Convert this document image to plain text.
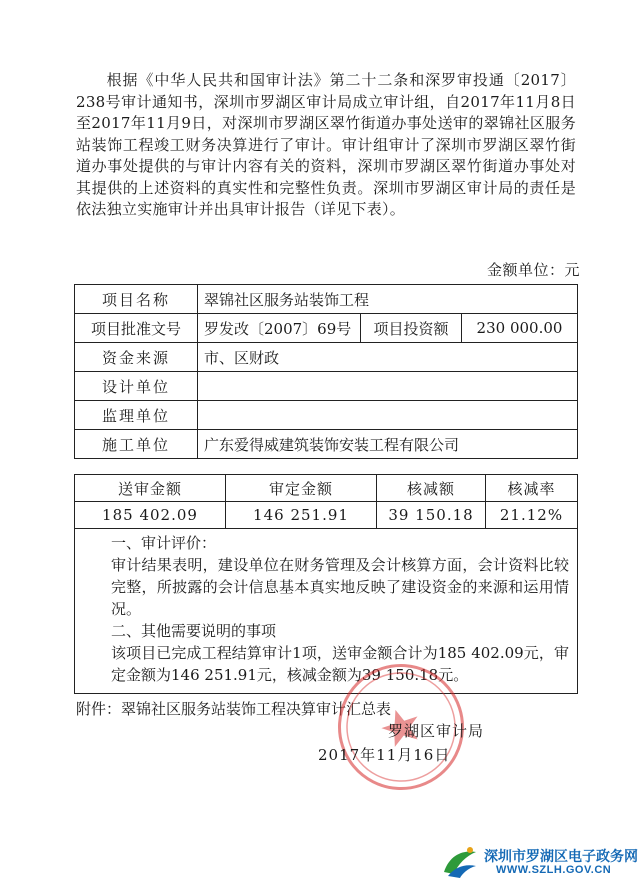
根据《中华人民共和国审计法》第二十二条和深罗审投通〔2017〕238号审计通知书，深圳市罗湖区审计局成立审计组，自2017年11月8日至2017年11月9日，对深圳市罗湖区翠竹街道办事处送审的翠锦社区服务站装饰工程竣工财务决算进行了审计。审计组审计了深圳市罗湖区翠竹街道办事处提供的与审计内容有关的资料，深圳市罗湖区翠竹街道办事处对其提供的上述资料的真实性和完整性负责。深圳市罗湖区审计局的责任是依法独立实施审计并出具审计报告（详见下表）。
金额单位：元
项目名称	翠锦社区服务站装饰工程		
项目批准文号	罗发改〔2007〕69号	项目投资额	230 000.00
资金来源	市、区财政		
设计单位			
监理单位			
施工单位	广东爱得威建筑装饰安装工程有限公司		
送审金额	审定金额	核减额	核减率
185 402.09	146 251.91	39 150.18	21.12%

一、审计评价：

审计结果表明，建设单位在财务管理及会计核算方面，会计资料比较完整，所披露的会计信息基本真实地反映了建设资金的来源和运用情况。

二、其他需要说明的事项

该项目已完成工程结算审计1项，送审金额合计为185 402.09元，审定金额为146 251.91元，核减金额为39 150.18元。

附件：翠锦社区服务站装饰工程决算审计汇总表
罗湖区审计局
2017年11月16日
深圳市罗湖区电子政务网
WWW.SZLH.GOV.CN
